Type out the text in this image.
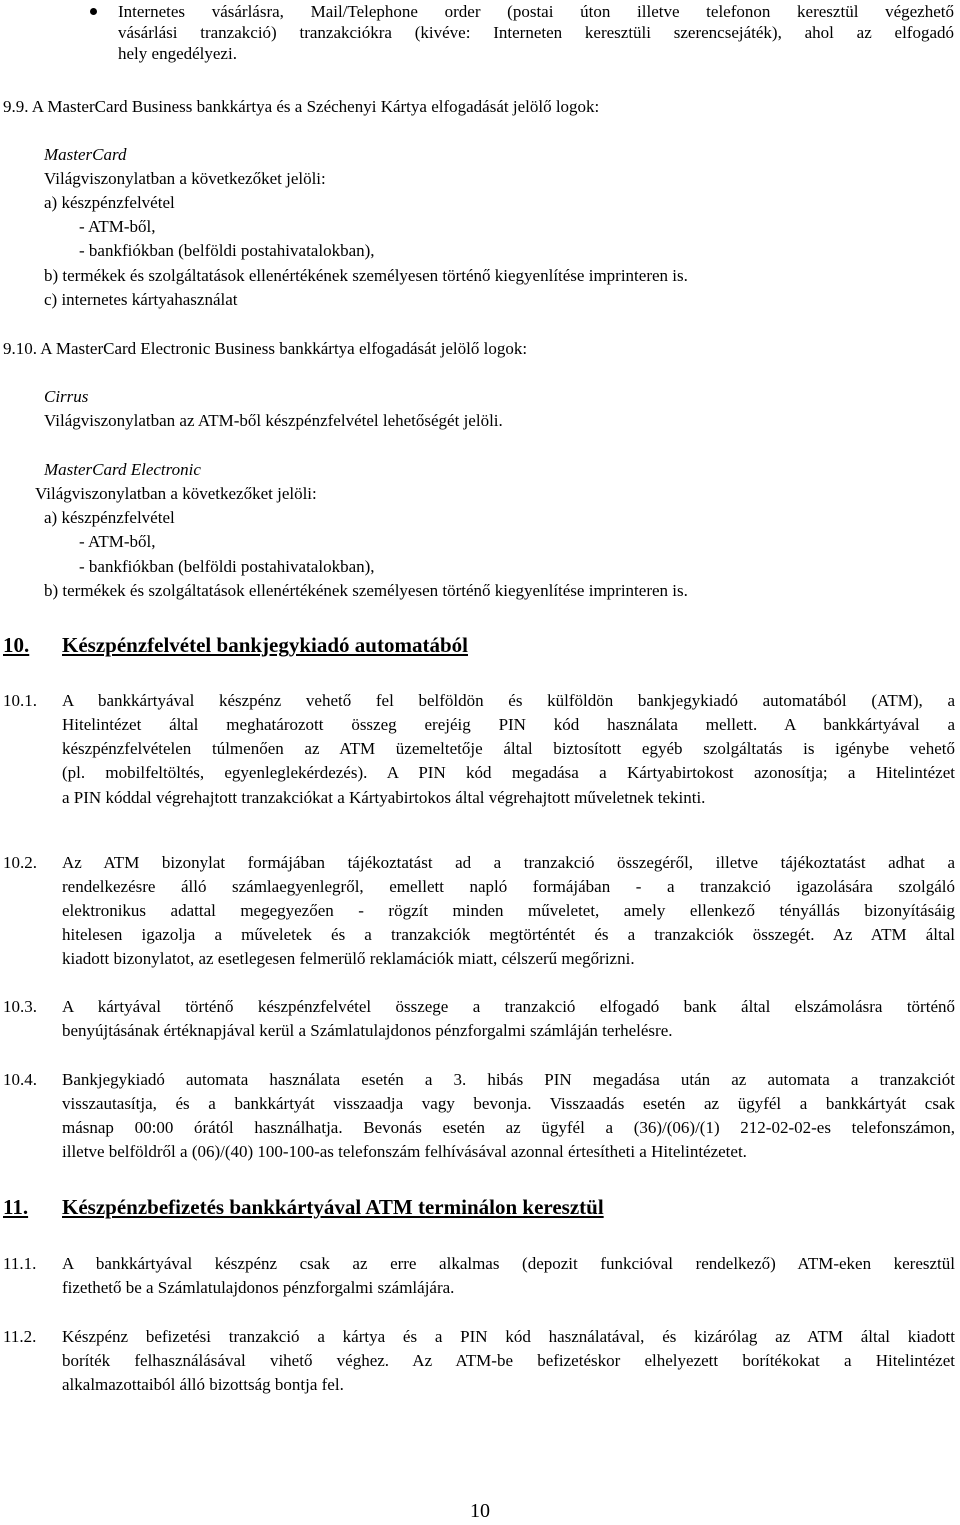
Internetes vásárlásra, Mail/Telephone order (postai úton illetve telefonon keresztül végezhető
vásárlási tranzakció) tranzakciókra (kivéve: Interneten keresztüli szerencsejáték), ahol az elfogadó
hely engedélyezi.
9.9. A MasterCard Business bankkártya és a Széchenyi Kártya elfogadását jelölő logok:
MasterCard
Világviszonylatban a következőket jelöli:
a) készpénzfelvétel
- ATM-ből,
- bankfiókban (belföldi postahivatalokban),
b) termékek és szolgáltatások ellenértékének személyesen történő kiegyenlítése imprinteren is.
c) internetes kártyahasználat
9.10. A MasterCard Electronic Business bankkártya elfogadását jelölő logok:
Cirrus
Világviszonylatban az ATM-ből készpénzfelvétel lehetőségét jelöli.
MasterCard Electronic
Világviszonylatban a következőket jelöli:
a) készpénzfelvétel
- ATM-ből,
- bankfiókban (belföldi postahivatalokban),
b) termékek és szolgáltatások ellenértékének személyesen történő kiegyenlítése imprinteren is.
10. Készpénzfelvétel bankjegykiadó automatából
10.1. A bankkártyával készpénz vehető fel belföldön és külföldön bankjegykiadó automatából (ATM), a
Hitelintézet által meghatározott összeg erejéig PIN kód használata mellett. A bankkártyával a
készpénzfelvételen túlmenően az ATM üzemeltetője által biztosított egyéb szolgáltatás is igénybe vehető
(pl. mobilfeltöltés, egyenleglekérdezés). A PIN kód megadása a Kártyabirtokost azonosítja; a Hitelintézet
a PIN kóddal végrehajtott tranzakciókat a Kártyabirtokos által végrehajtott műveletnek tekinti.
10.2. Az ATM bizonylat formájában tájékoztatást ad a tranzakció összegéről, illetve tájékoztatást adhat a
rendelkezésre álló számlaegyenlegről, emellett napló formájában - a tranzakció igazolására szolgáló
elektronikus adattal megegyezően - rögzít minden műveletet, amely ellenkező tényállás bizonyításáig
hitelesen igazolja a műveletek és a tranzakciók megtörténtét és a tranzakciók összegét. Az ATM által
kiadott bizonylatot, az esetlegesen felmerülő reklamációk miatt, célszerű megőrizni.
10.3. A kártyával történő készpénzfelvétel összege a tranzakció elfogadó bank által elszámolásra történő
benyújtásának értéknapjával kerül a Számlatulajdonos pénzforgalmi számláján terhelésre.
10.4. Bankjegykiadó automata használata esetén a 3. hibás PIN megadása után az automata a tranzakciót
visszautasítja, és a bankkártyát visszaadja vagy bevonja. Visszaadás esetén az ügyfél a bankkártyát csak
másnap 00:00 órától használhatja. Bevonás esetén az ügyfél a (36)/(06)/(1) 212-02-02-es telefonszámon,
illetve belföldről a (06)/(40) 100-100-as telefonszám felhívásával azonnal értesítheti a Hitelintézetet.
11. Készpénzbefizetés bankkártyával ATM terminálon keresztül
11.1. A bankkártyával készpénz csak az erre alkalmas (depozit funkcióval rendelkező) ATM-eken keresztül
fizethető be a Számlatulajdonos pénzforgalmi számlájára.
11.2. Készpénz befizetési tranzakció a kártya és a PIN kód használatával, és kizárólag az ATM által kiadott
boríték felhasználásával vihető véghez. Az ATM-be befizetéskor elhelyezett borítékokat a Hitelintézet
alkalmazottaiból álló bizottság bontja fel.
10
